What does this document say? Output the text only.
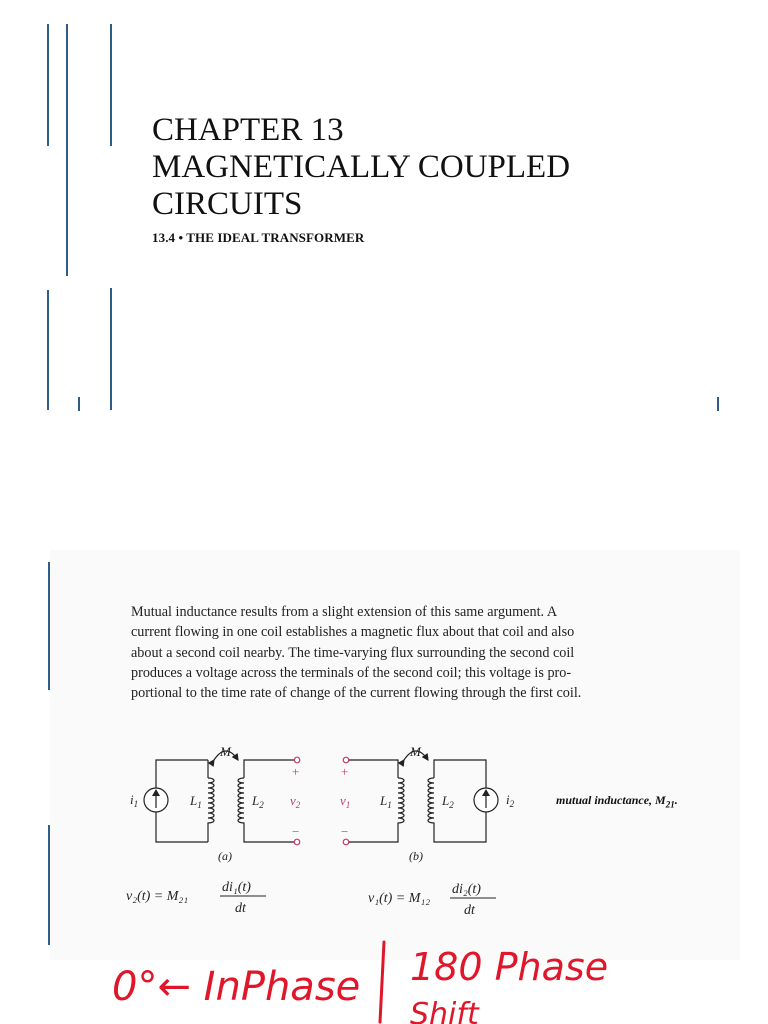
CHAPTER 13
MAGNETICALLY COUPLED
CIRCUITS
13.4 • THE IDEAL TRANSFORMER
Mutual inductance results from a slight extension of this same argument. A
current flowing in one coil establishes a magnetic flux about that coil and also
about a second coil nearby. The time-varying flux surrounding the second coil
produces a voltage across the terminals of the second coil; this voltage is pro-
portional to the time rate of change of the current flowing through the first coil.
M
$i_1$	$L_1$	$L_2$ $v_2$
+
−
M
$v_1$
+
−
$L_1$	$L_2$	$i_2$
(a)	(b)
mutual inductance, $M_{21}$.
v₂(t) = M₂₁
di₁(t)
dt
v₁(t) = M₁₂
di₂(t)
dt
0°← InPhase 180 Phase
Shift
